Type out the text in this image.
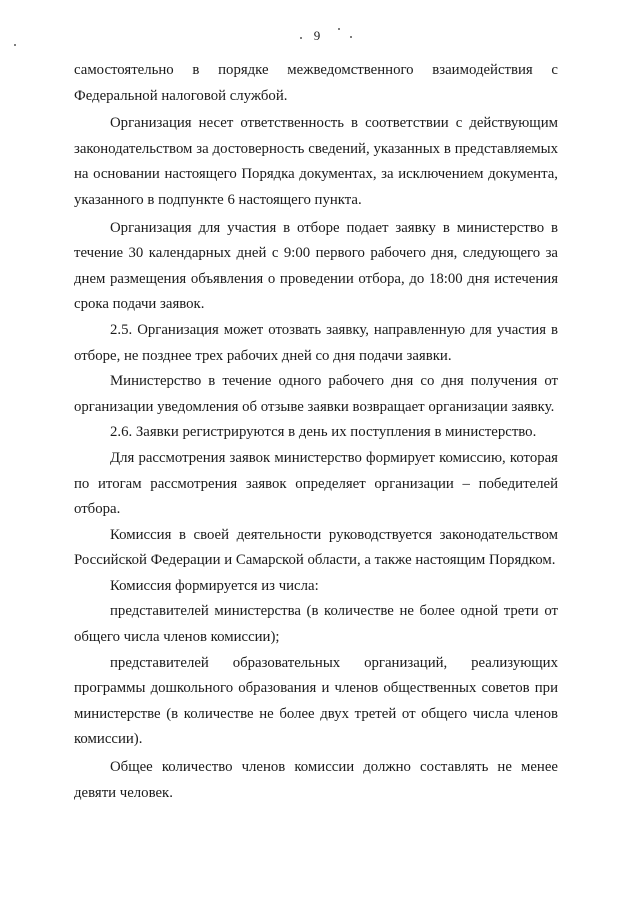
9

самостоятельно в порядке межведомственного взаимодействия с Федеральной налоговой службой.

Организация несет ответственность в соответствии с действующим законодательством за достоверность сведений, указанных в представляемых на основании настоящего Порядка документах, за исключением документа, указанного в подпункте 6 настоящего пункта.

Организация для участия в отборе подает заявку в министерство в течение 30 календарных дней с 9:00 первого рабочего дня, следующего за днем размещения объявления о проведении отбора, до 18:00 дня истечения срока подачи заявок.

2.5. Организация может отозвать заявку, направленную для участия в отборе, не позднее трех рабочих дней со дня подачи заявки.

Министерство в течение одного рабочего дня со дня получения от организации уведомления об отзыве заявки возвращает организации заявку.

2.6. Заявки регистрируются в день их поступления в министерство.

Для рассмотрения заявок министерство формирует комиссию, которая по итогам рассмотрения заявок определяет организации – победителей отбора.

Комиссия в своей деятельности руководствуется законодательством Российской Федерации и Самарской области, а также настоящим Порядком.

Комиссия формируется из числа:

представителей министерства (в количестве не более одной трети от общего числа членов комиссии);

представителей образовательных организаций, реализующих программы дошкольного образования и членов общественных советов при министерстве (в количестве не более двух третей от общего числа членов комиссии).

Общее количество членов комиссии должно составлять не менее девяти человек.
